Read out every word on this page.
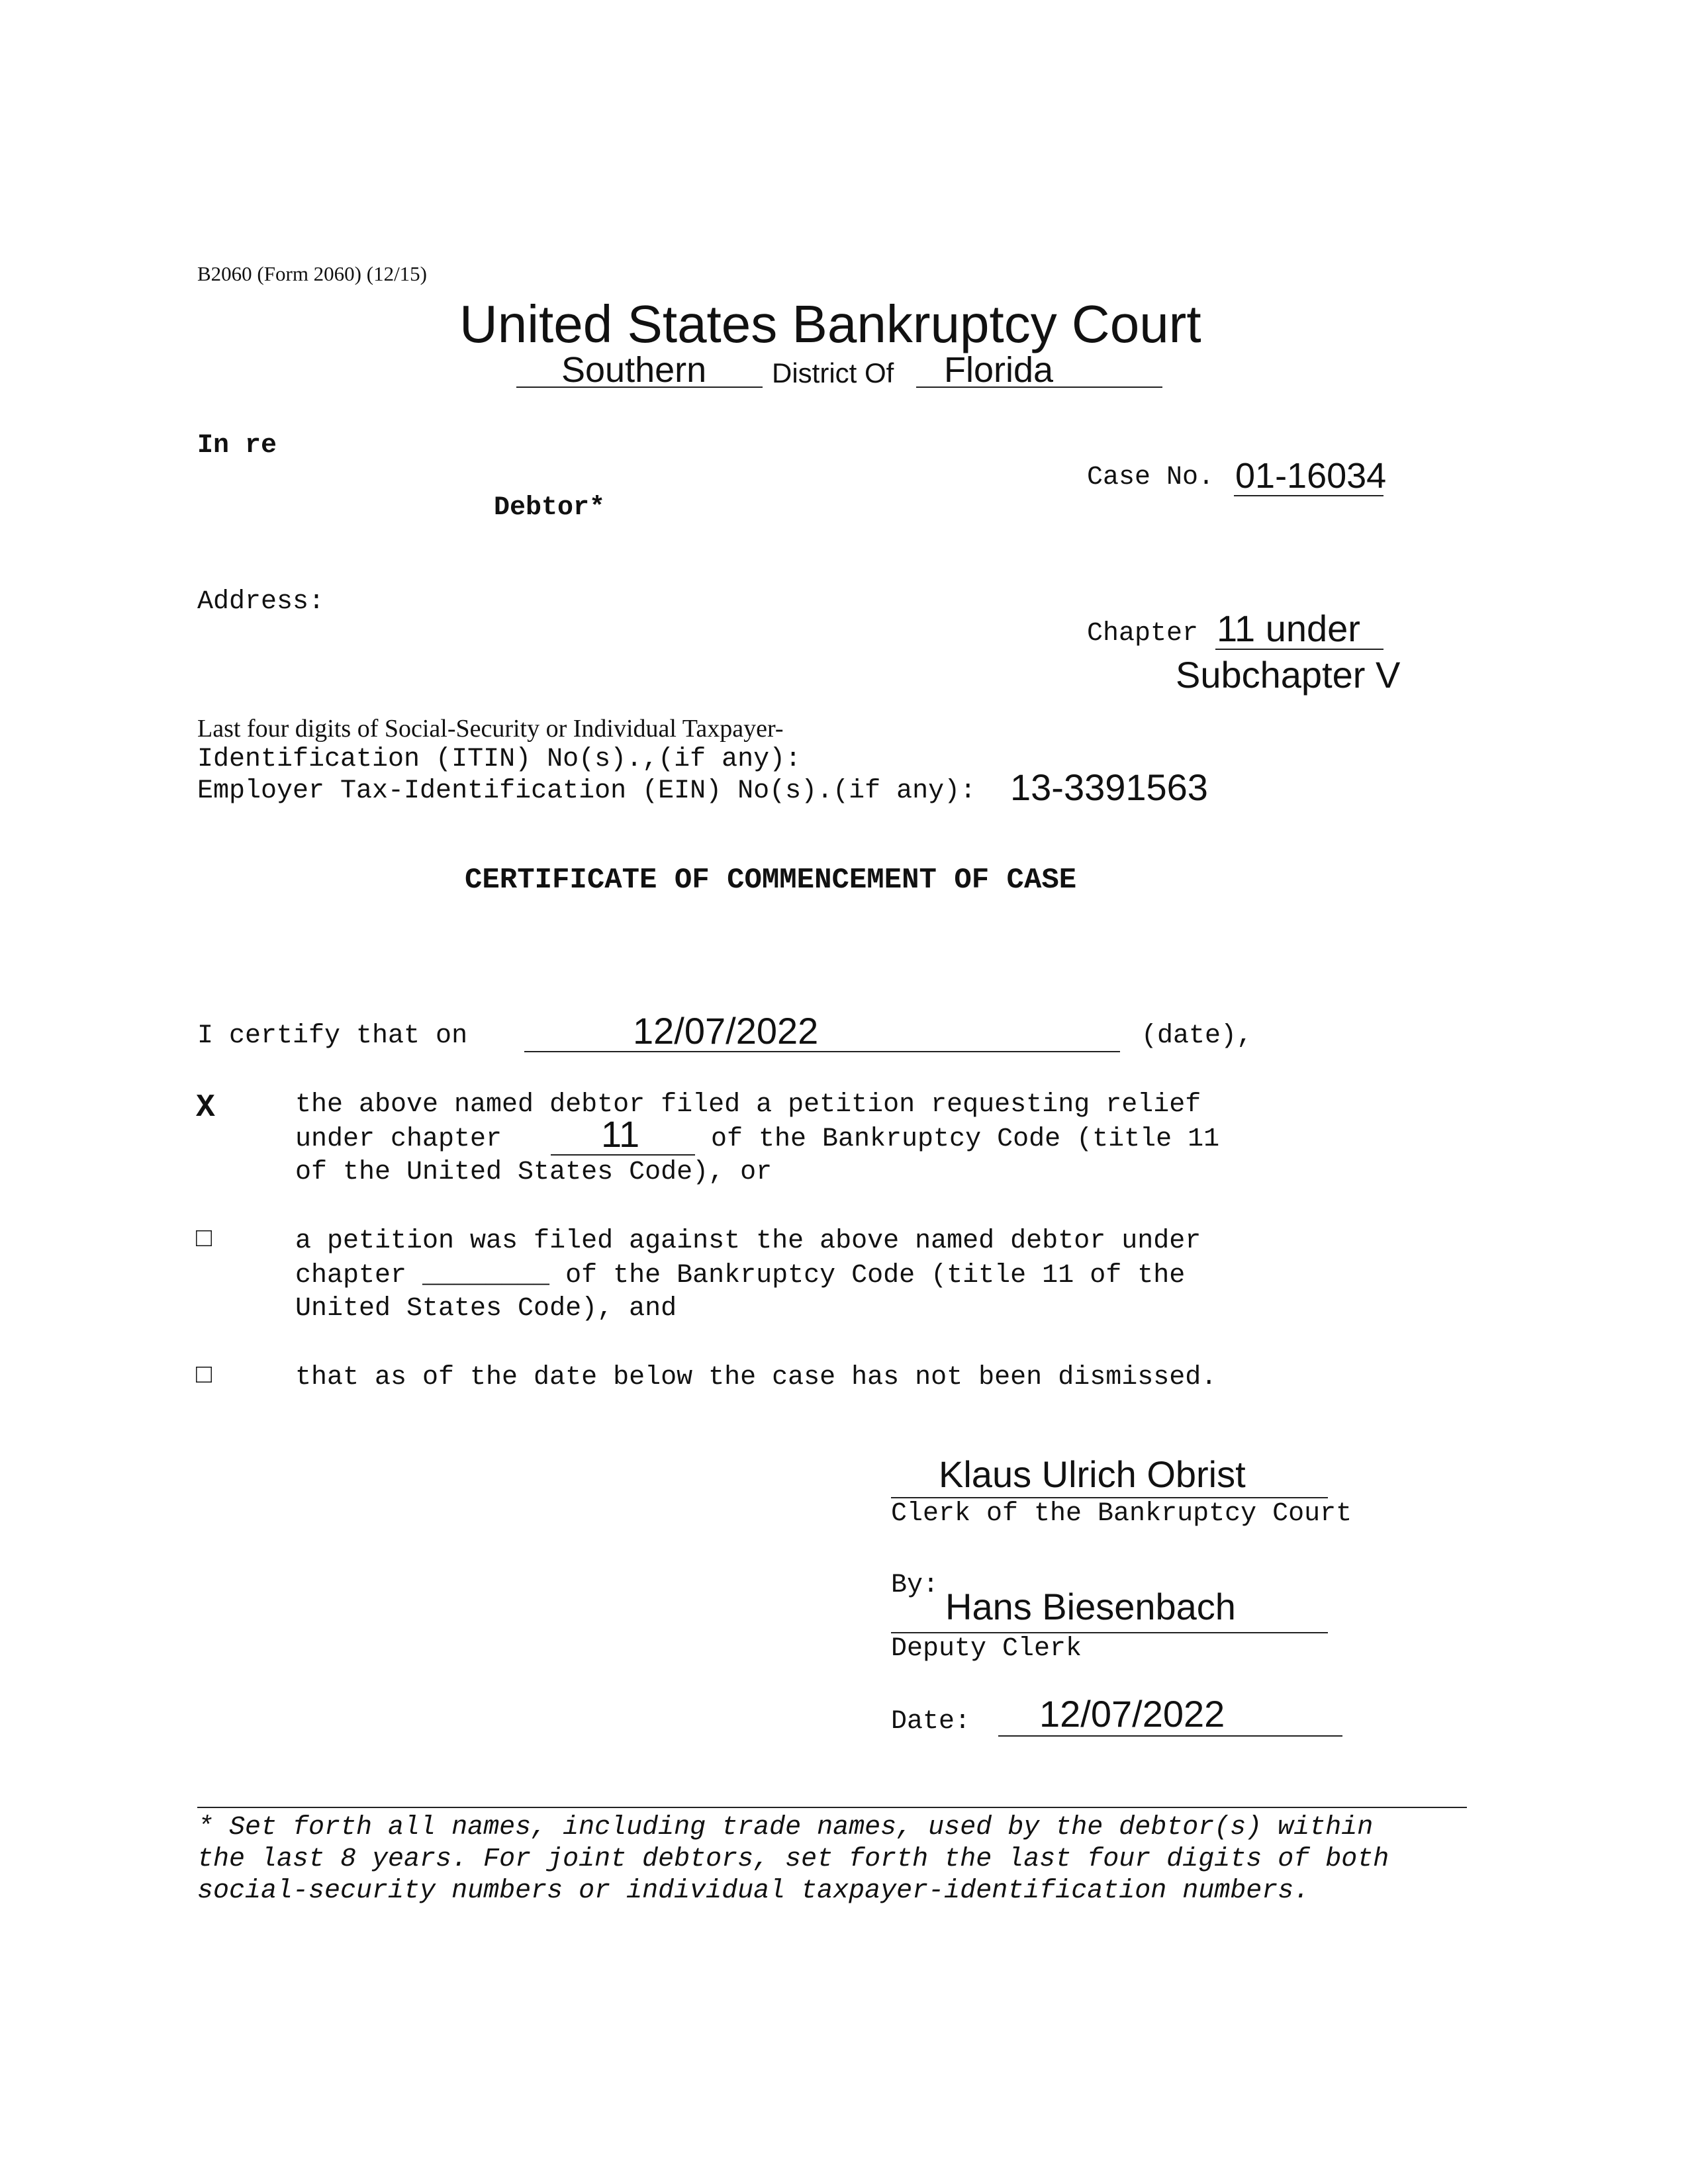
B2060 (Form 2060) (12/15)
United States Bankruptcy Court
Southern District Of Florida
In re
Debtor*
Case No. 01-16034
Address:
Chapter 11 under
Subchapter V
Last four digits of Social-Security or Individual Taxpayer-
Identification (ITIN) No(s).,(if any):
Employer Tax-Identification (EIN) No(s).(if any): 13-3391563
CERTIFICATE OF COMMENCEMENT OF CASE
I certify that on	12/07/2022	(date),
X	the above named debtor filed a petition requesting relief
under chapter	11	of the Bankruptcy Code (title 11
of the United States Code), or
□	a petition was filed against the above named debtor under
chapter ________ of the Bankruptcy Code (title 11 of the
United States Code), and
□	that as of the date below the case has not been dismissed.
Klaus Ulrich Obrist
Clerk of the Bankruptcy Court
By:
Hans Biesenbach
Deputy Clerk
Date: 12/07/2022
* Set forth all names, including trade names, used by the debtor(s) within
the last 8 years. For joint debtors, set forth the last four digits of both
social-security numbers or individual taxpayer-identification numbers.
